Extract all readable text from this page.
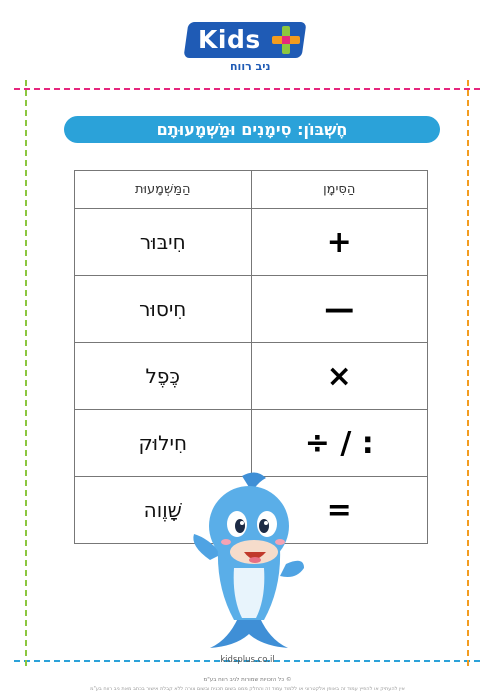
Kids
ניב רווח
חֶשְׁבּוֹן: סִימָנִים וּמַשְׁמָעוּתָם
הַסִּימָן	הַמַּשְׁמָעוּת
+	חִיבּוּר
—	חִיסוּר
×	כֶּפֶל
: / ÷	חִילוּק
=	שָׁוֶוה
kidsplus.co.il
© כל הזכויות שמורות לניב רווח בע"מ
אין להעתיק או להפיץ עמוד זה באופן אלקטרוני או ללמוד עמוד זה והחלק ממנו בשום תכנית ובשום צורה ללא קבלת אישור בכתב מאת ניב רווח בע"מ
